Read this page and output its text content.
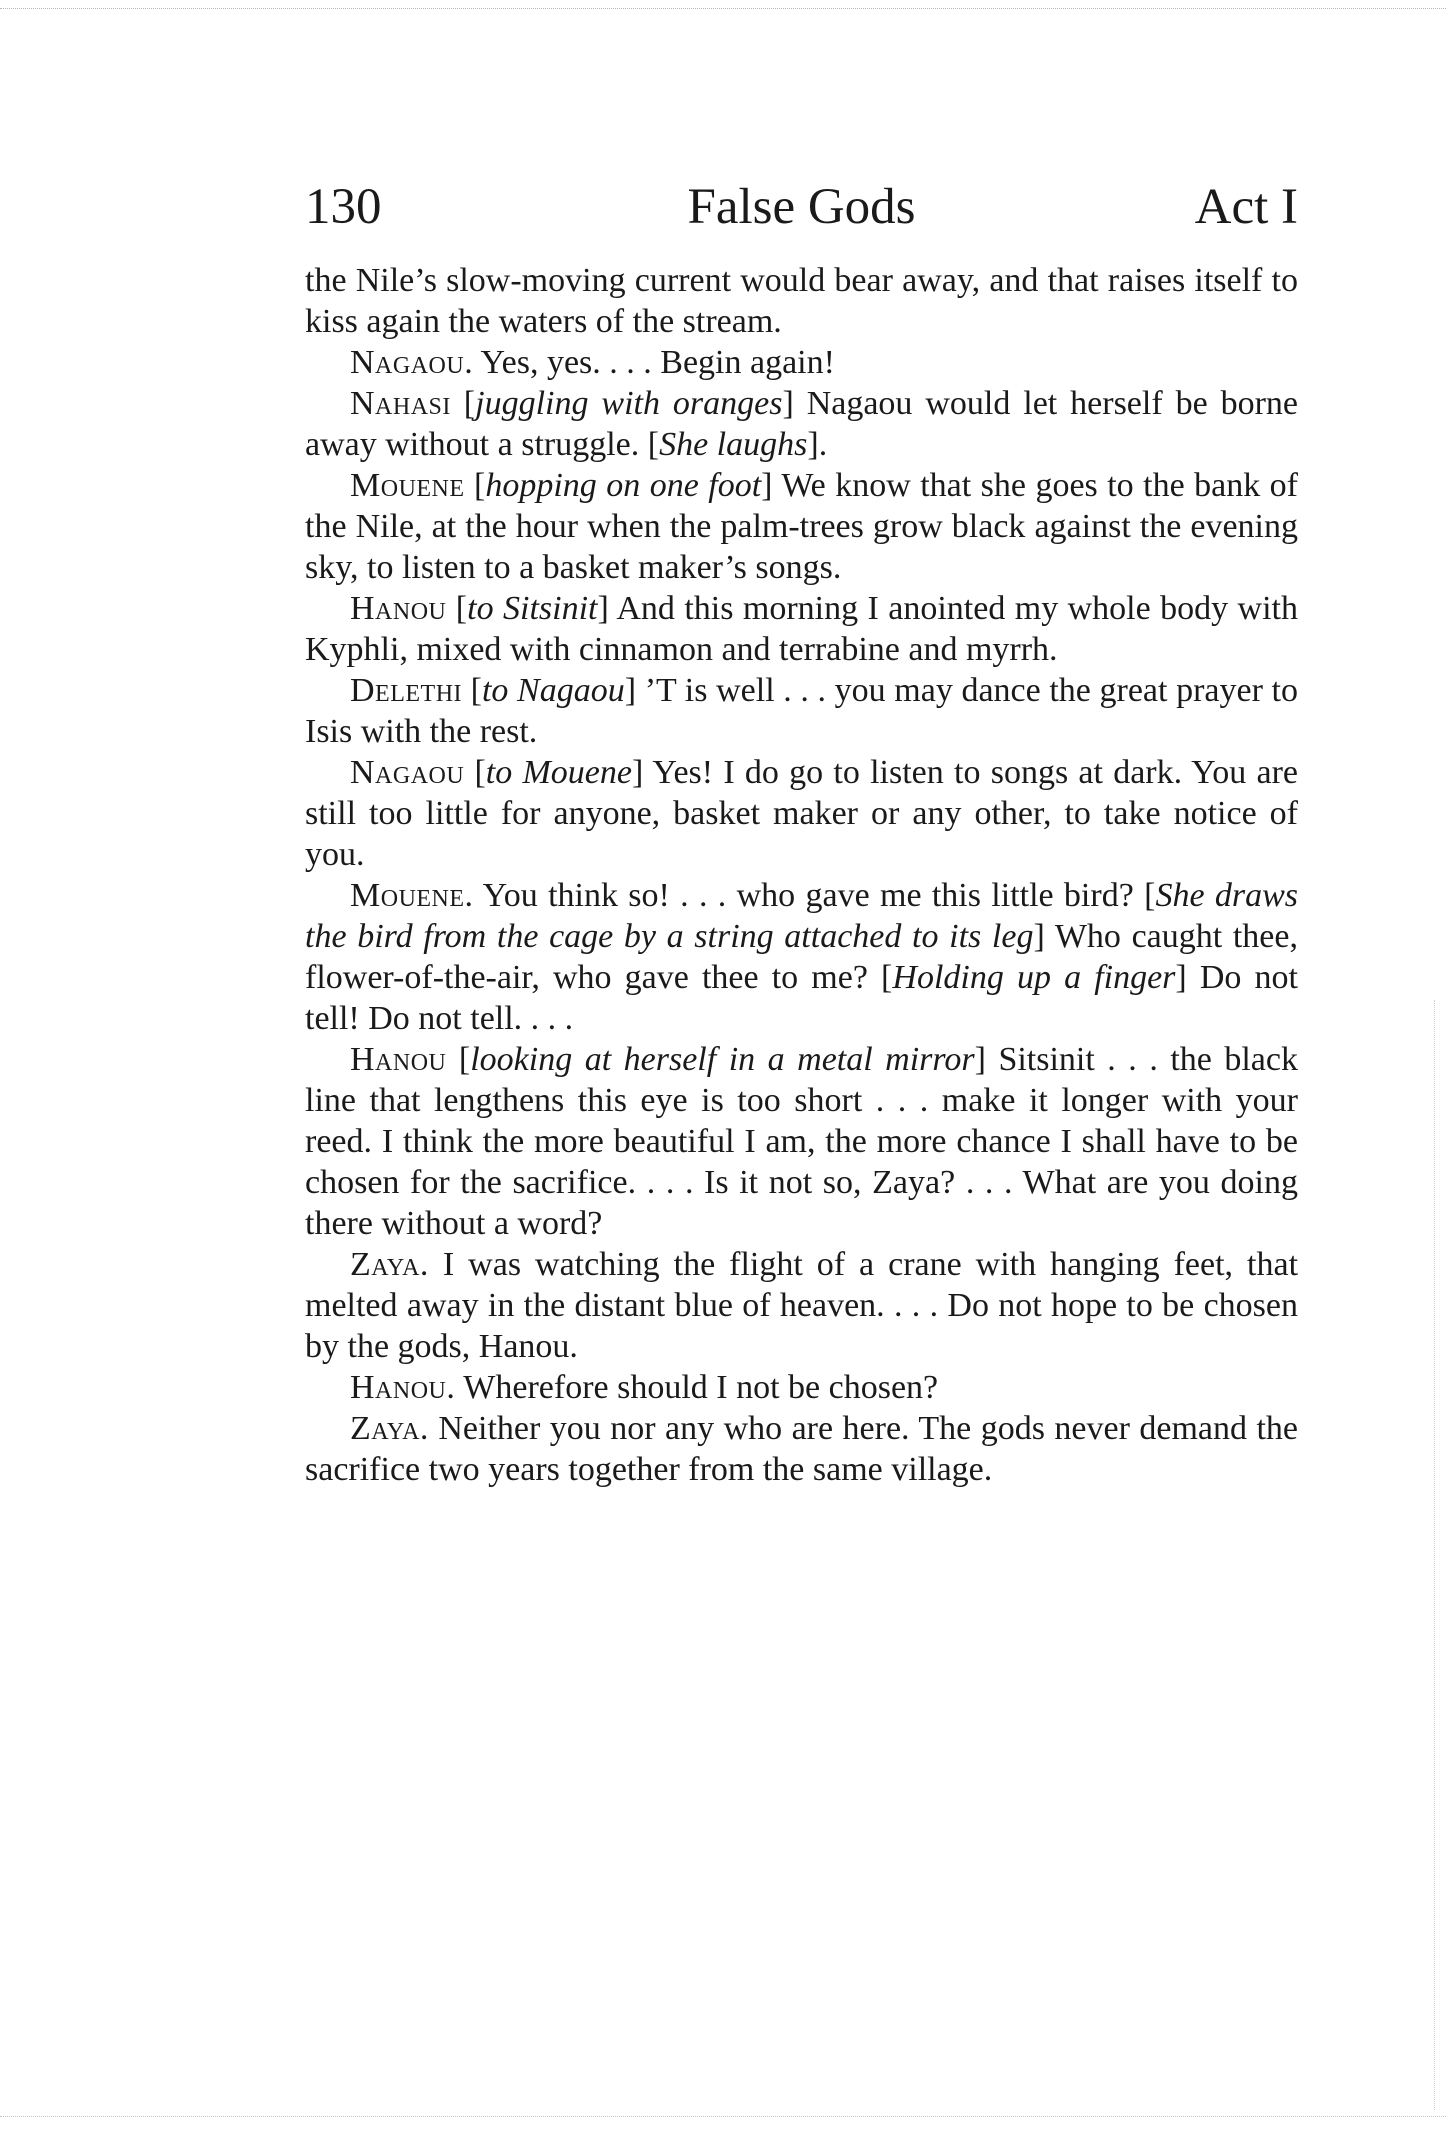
False Gods
130	Act I

the Nile’s slow-moving current would bear away, and that raises itself to kiss again the waters of the stream.

Nagaou. Yes, yes. . . . Begin again!

Nahasi [juggling with oranges] Nagaou would let herself be borne away without a struggle. [She laughs].

Mouene [hopping on one foot] We know that she goes to the bank of the Nile, at the hour when the palm-trees grow black against the evening sky, to listen to a basket maker’s songs.

Hanou [to Sitsinit] And this morning I anointed my whole body with Kyphli, mixed with cinnamon and terrabine and myrrh.

Delethi [to Nagaou] ’T is well . . . you may dance the great prayer to Isis with the rest.

Nagaou [to Mouene] Yes! I do go to listen to songs at dark. You are still too little for anyone, basket maker or any other, to take notice of you.

Mouene. You think so! . . . who gave me this little bird? [She draws the bird from the cage by a string attached to its leg] Who caught thee, flower-of-the-air, who gave thee to me? [Holding up a finger] Do not tell! Do not tell. . . .

Hanou [looking at herself in a metal mirror] Sitsinit . . . the black line that lengthens this eye is too short . . . make it longer with your reed. I think the more beautiful I am, the more chance I shall have to be chosen for the sacrifice. . . . Is it not so, Zaya? . . . What are you doing there without a word?

Zaya. I was watching the flight of a crane with hanging feet, that melted away in the distant blue of heaven. . . . Do not hope to be chosen by the gods, Hanou.

Hanou. Wherefore should I not be chosen?

Zaya. Neither you nor any who are here. The gods never demand the sacrifice two years together from the same village.
